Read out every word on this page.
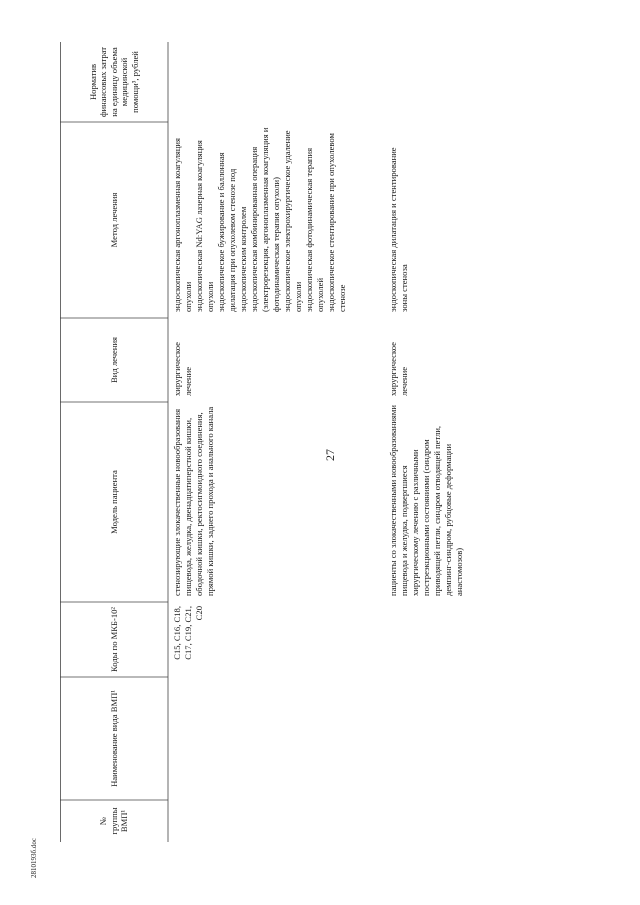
27
2810193б.doc
№ группы ВМП¹
Наименование вида ВМП¹
Коды по МКБ-10²
Модель пациента
Вид лечения
Метод лечения
Норматив финансовых затрат на единицу объема медицинской помощи³, рублей
C15, C16, C18, C17, C19, C21, C20
стенозирующие злокачественные новообразования пищевода, желудка, двенадцатиперстной кишки, ободочной кишки, ректосигмоидного соединения, прямой кишки, заднего прохода и анального канала
хирургическое лечение

эндоскопическая аргоноплазменная коагуляция опухоли эндоскопическая Nd:YAG лазерная коагуляция опухоли эндоскопическое бужирование и баллонная дилатация при опухолевом стенозе под эндоскопическим контролем эндоскопическая комбинированная операция (электрорезекция, аргоноплазменная коагуляция и фотодинамическая терапия опухоли) эндоскопическое электрохирургическое удаление опухоли эндоскопическая фотодинамическая терапия опухолей эндоскопическое стентирование при опухолевом стенозе

пациенты со злокачественными новообразованиями пищевода и желудка, подвергшиеся хирургическому лечению с различными постреэкционными состояниями (синдром приводящей петли, синдром отводящей петли, демпинг-синдром, рубцовые деформации анастомозов)
хирургическое лечение

эндоскопическая дилатация и стентирование зоны стеноза
